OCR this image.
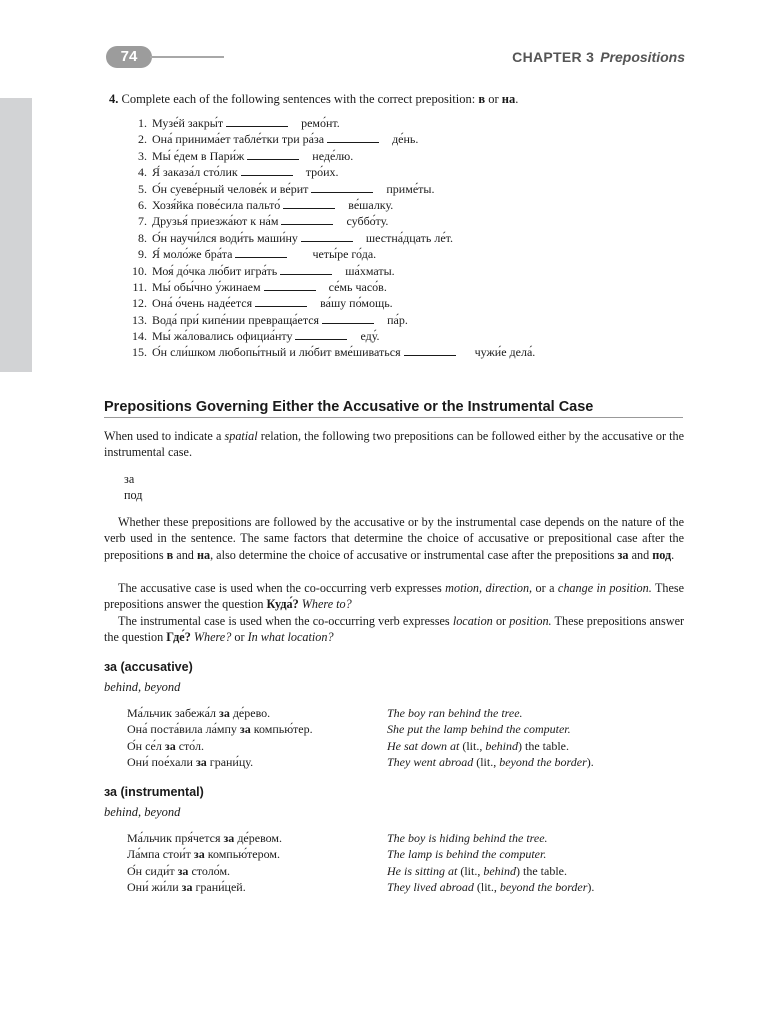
74	CHAPTER 3 Prepositions
4. Complete each of the following sentences with the correct preposition: в or на.
1. Музе́й закры́т	ремо́нт.
2. Она́ принима́ет табле́тки три ра́за	де́нь.
3. Мы́ е́дем в Пари́ж	неде́лю.
4. Я́ заказа́л сто́лик	тро́их.
5. О́н суеве́рный челове́к и ве́рит	приме́ты.
6. Хозя́йка пове́сила пальто́	ве́шалку.
7. Друзья́ приезжа́ют к на́м	суббо́ту.
8. О́н научи́лся води́ть маши́ну	шестна́дцать ле́т.
9. Я́ моло́же бра́та	четы́ре го́да.
10. Моя́ до́чка лю́бит игра́ть	ша́хматы.
11. Мы́ обы́чно у́жинаем	се́мь часо́в.
12. Она́ о́чень наде́ется	ва́шу по́мощь.
13. Вода́ при́ кипе́нии превраща́ется	па́р.
14. Мы́ жа́ловались официа́нту	еду́.
15. О́н сли́шком любопы́тный и лю́бит вме́шиваться	чужи́е дела́.
Prepositions Governing Either the Accusative or the Instrumental Case

When used to indicate a spatial relation, the following two prepositions can be followed either by the accusative or the instrumental case.

за
под

Whether these prepositions are followed by the accusative or by the instrumental case depends on the nature of the verb used in the sentence. The same factors that determine the choice of accusative or prepositional case after the prepositions в and на, also determine the choice of accusative or instrumental case after the prepositions за and под.

The accusative case is used when the co-occurring verb expresses motion, direction, or a change in position. These prepositions answer the question Куда́? Where to?

The instrumental case is used when the co-occurring verb expresses location or position. These prepositions answer the question Где́? Where? or In what location?

за (accusative)
behind, beyond
Ма́льчик забежа́л за де́рево.	The boy ran behind the tree.
Она́ поста́вила ла́мпу за компью́тер.	She put the lamp behind the computer.
О́н се́л за сто́л.	He sat down at (lit., behind) the table.
Они́ пое́хали за грани́цу.	They went abroad (lit., beyond the border).
за (instrumental)
behind, beyond
Ма́льчик пря́чется за де́ревом.	The boy is hiding behind the tree.
Ла́мпа стои́т за компью́тером.	The lamp is behind the computer.
О́н сиди́т за столо́м.	He is sitting at (lit., behind) the table.
Они́ жи́ли за грани́цей.	They lived abroad (lit., beyond the border).
